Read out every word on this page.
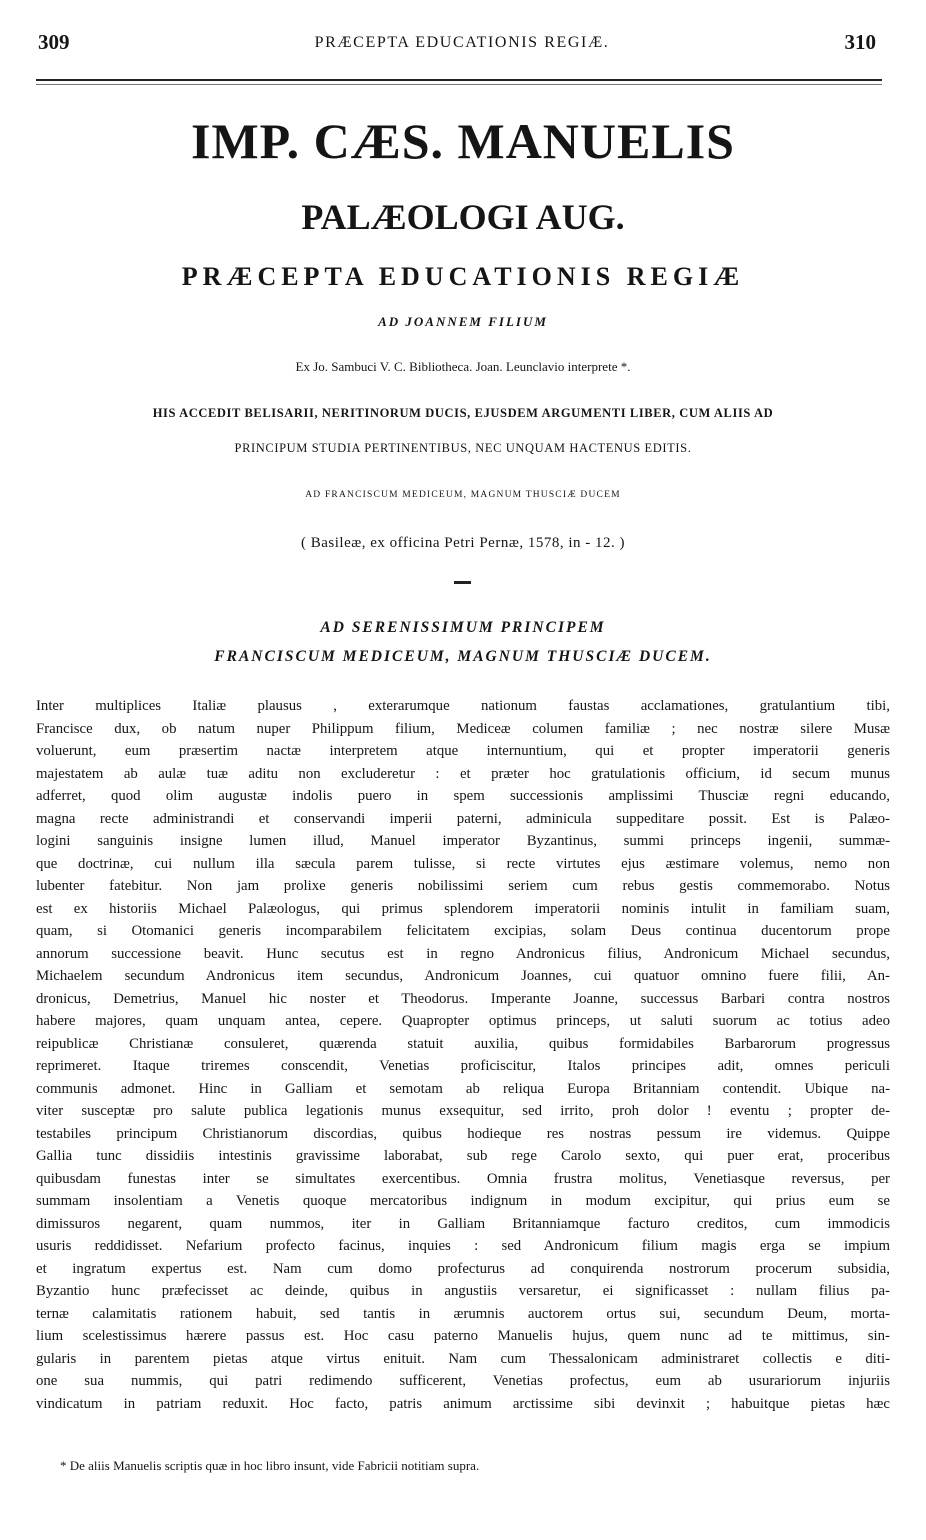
309	PRÆCEPTA EDUCATIONIS REGIÆ.	310
IMP. CÆS. MANUELIS
PALÆOLOGI AUG.
PRÆCEPTA EDUCATIONIS REGIÆ
AD JOANNEM FILIUM
Ex Jo. Sambuci V. C. Bibliotheca. Joan. Leunclavio interprete *.
HIS ACCEDIT BELISARII, NERITINORUM DUCIS, EJUSDEM ARGUMENTI LIBER, CUM ALIIS AD
PRINCIPUM STUDIA PERTINENTIBUS, NEC UNQUAM HACTENUS EDITIS.
AD FRANCISCUM MEDICEUM, MAGNUM THUSCIÆ DUCEM
( Basileæ, ex officina Petri Pernæ, 1578, in - 12. )
AD SERENISSIMUM PRINCIPEM
FRANCISCUM MEDICEUM, MAGNUM THUSCIÆ DUCEM.
Inter multiplices Italiæ plausus , exterarumque nationum faustas acclamationes, gratulantium tibi,
Francisce dux, ob natum nuper Philippum filium, Mediceæ columen familiæ ; nec nostræ silere Musæ
voluerunt, eum præsertim nactæ interpretem atque internuntium, qui et propter imperatorii generis
majestatem ab aulæ tuæ aditu non excluderetur : et præter hoc gratulationis officium, id secum munus
adferret, quod olim augustæ indolis puero in spem successionis amplissimi Thusciæ regni educando,
magna recte administrandi et conservandi imperii paterni, adminicula suppeditare possit. Est is Palæo-
logini sanguinis insigne lumen illud, Manuel imperator Byzantinus, summi princeps ingenii, summæ-
que doctrinæ, cui nullum illa sæcula parem tulisse, si recte virtutes ejus æstimare volemus, nemo non
lubenter fatebitur. Non jam prolixe generis nobilissimi seriem cum rebus gestis commemorabo. Notus
est ex historiis Michael Palæologus, qui primus splendorem imperatorii nominis intulit in familiam suam,
quam, si Otomanici generis incomparabilem felicitatem excipias, solam Deus continua ducentorum prope
annorum successione beavit. Hunc secutus est in regno Andronicus filius, Andronicum Michael secundus,
Michaelem secundum Andronicus item secundus, Andronicum Joannes, cui quatuor omnino fuere filii, An-
dronicus, Demetrius, Manuel hic noster et Theodorus. Imperante Joanne, successus Barbari contra nostros
habere majores, quam unquam antea, cepere. Quapropter optimus princeps, ut saluti suorum ac totius adeo
reipublicæ Christianæ consuleret, quærenda statuit auxilia, quibus formidabiles Barbarorum progressus
reprimeret. Itaque triremes conscendit, Venetias proficiscitur, Italos principes adit, omnes periculi
communis admonet. Hinc in Galliam et semotam ab reliqua Europa Britanniam contendit. Ubique na-
viter susceptæ pro salute publica legationis munus exsequitur, sed irrito, proh dolor ! eventu ; propter de-
testabiles principum Christianorum discordias, quibus hodieque res nostras pessum ire videmus. Quippe
Gallia tunc dissidiis intestinis gravissime laborabat, sub rege Carolo sexto, qui puer erat, proceribus
quibusdam funestas inter se simultates exercentibus. Omnia frustra molitus, Venetiasque reversus, per
summam insolentiam a Venetis quoque mercatoribus indignum in modum excipitur, qui prius eum se
dimissuros negarent, quam nummos, iter in Galliam Britanniamque facturo creditos, cum immodicis
usuris reddidisset. Nefarium profecto facinus, inquies : sed Andronicum filium magis erga se impium
et ingratum expertus est. Nam cum domo profecturus ad conquirenda nostrorum procerum subsidia,
Byzantio hunc præfecisset ac deinde, quibus in angustiis versaretur, ei significasset : nullam filius pa-
ternæ calamitatis rationem habuit, sed tantis in ærumnis auctorem ortus sui, secundum Deum, morta-
lium scelestissimus hærere passus est. Hoc casu paterno Manuelis hujus, quem nunc ad te mittimus, sin-
gularis in parentem pietas atque virtus enituit. Nam cum Thessalonicam administraret collectis e diti-
one sua nummis, qui patri redimendo sufficerent, Venetias profectus, eum ab usurariorum injuriis
vindicatum in patriam reduxit. Hoc facto, patris animum arctissime sibi devinxit ; habuitque pietas hæc
* De aliis Manuelis scriptis quæ in hoc libro insunt, vide Fabricii notitiam supra.
